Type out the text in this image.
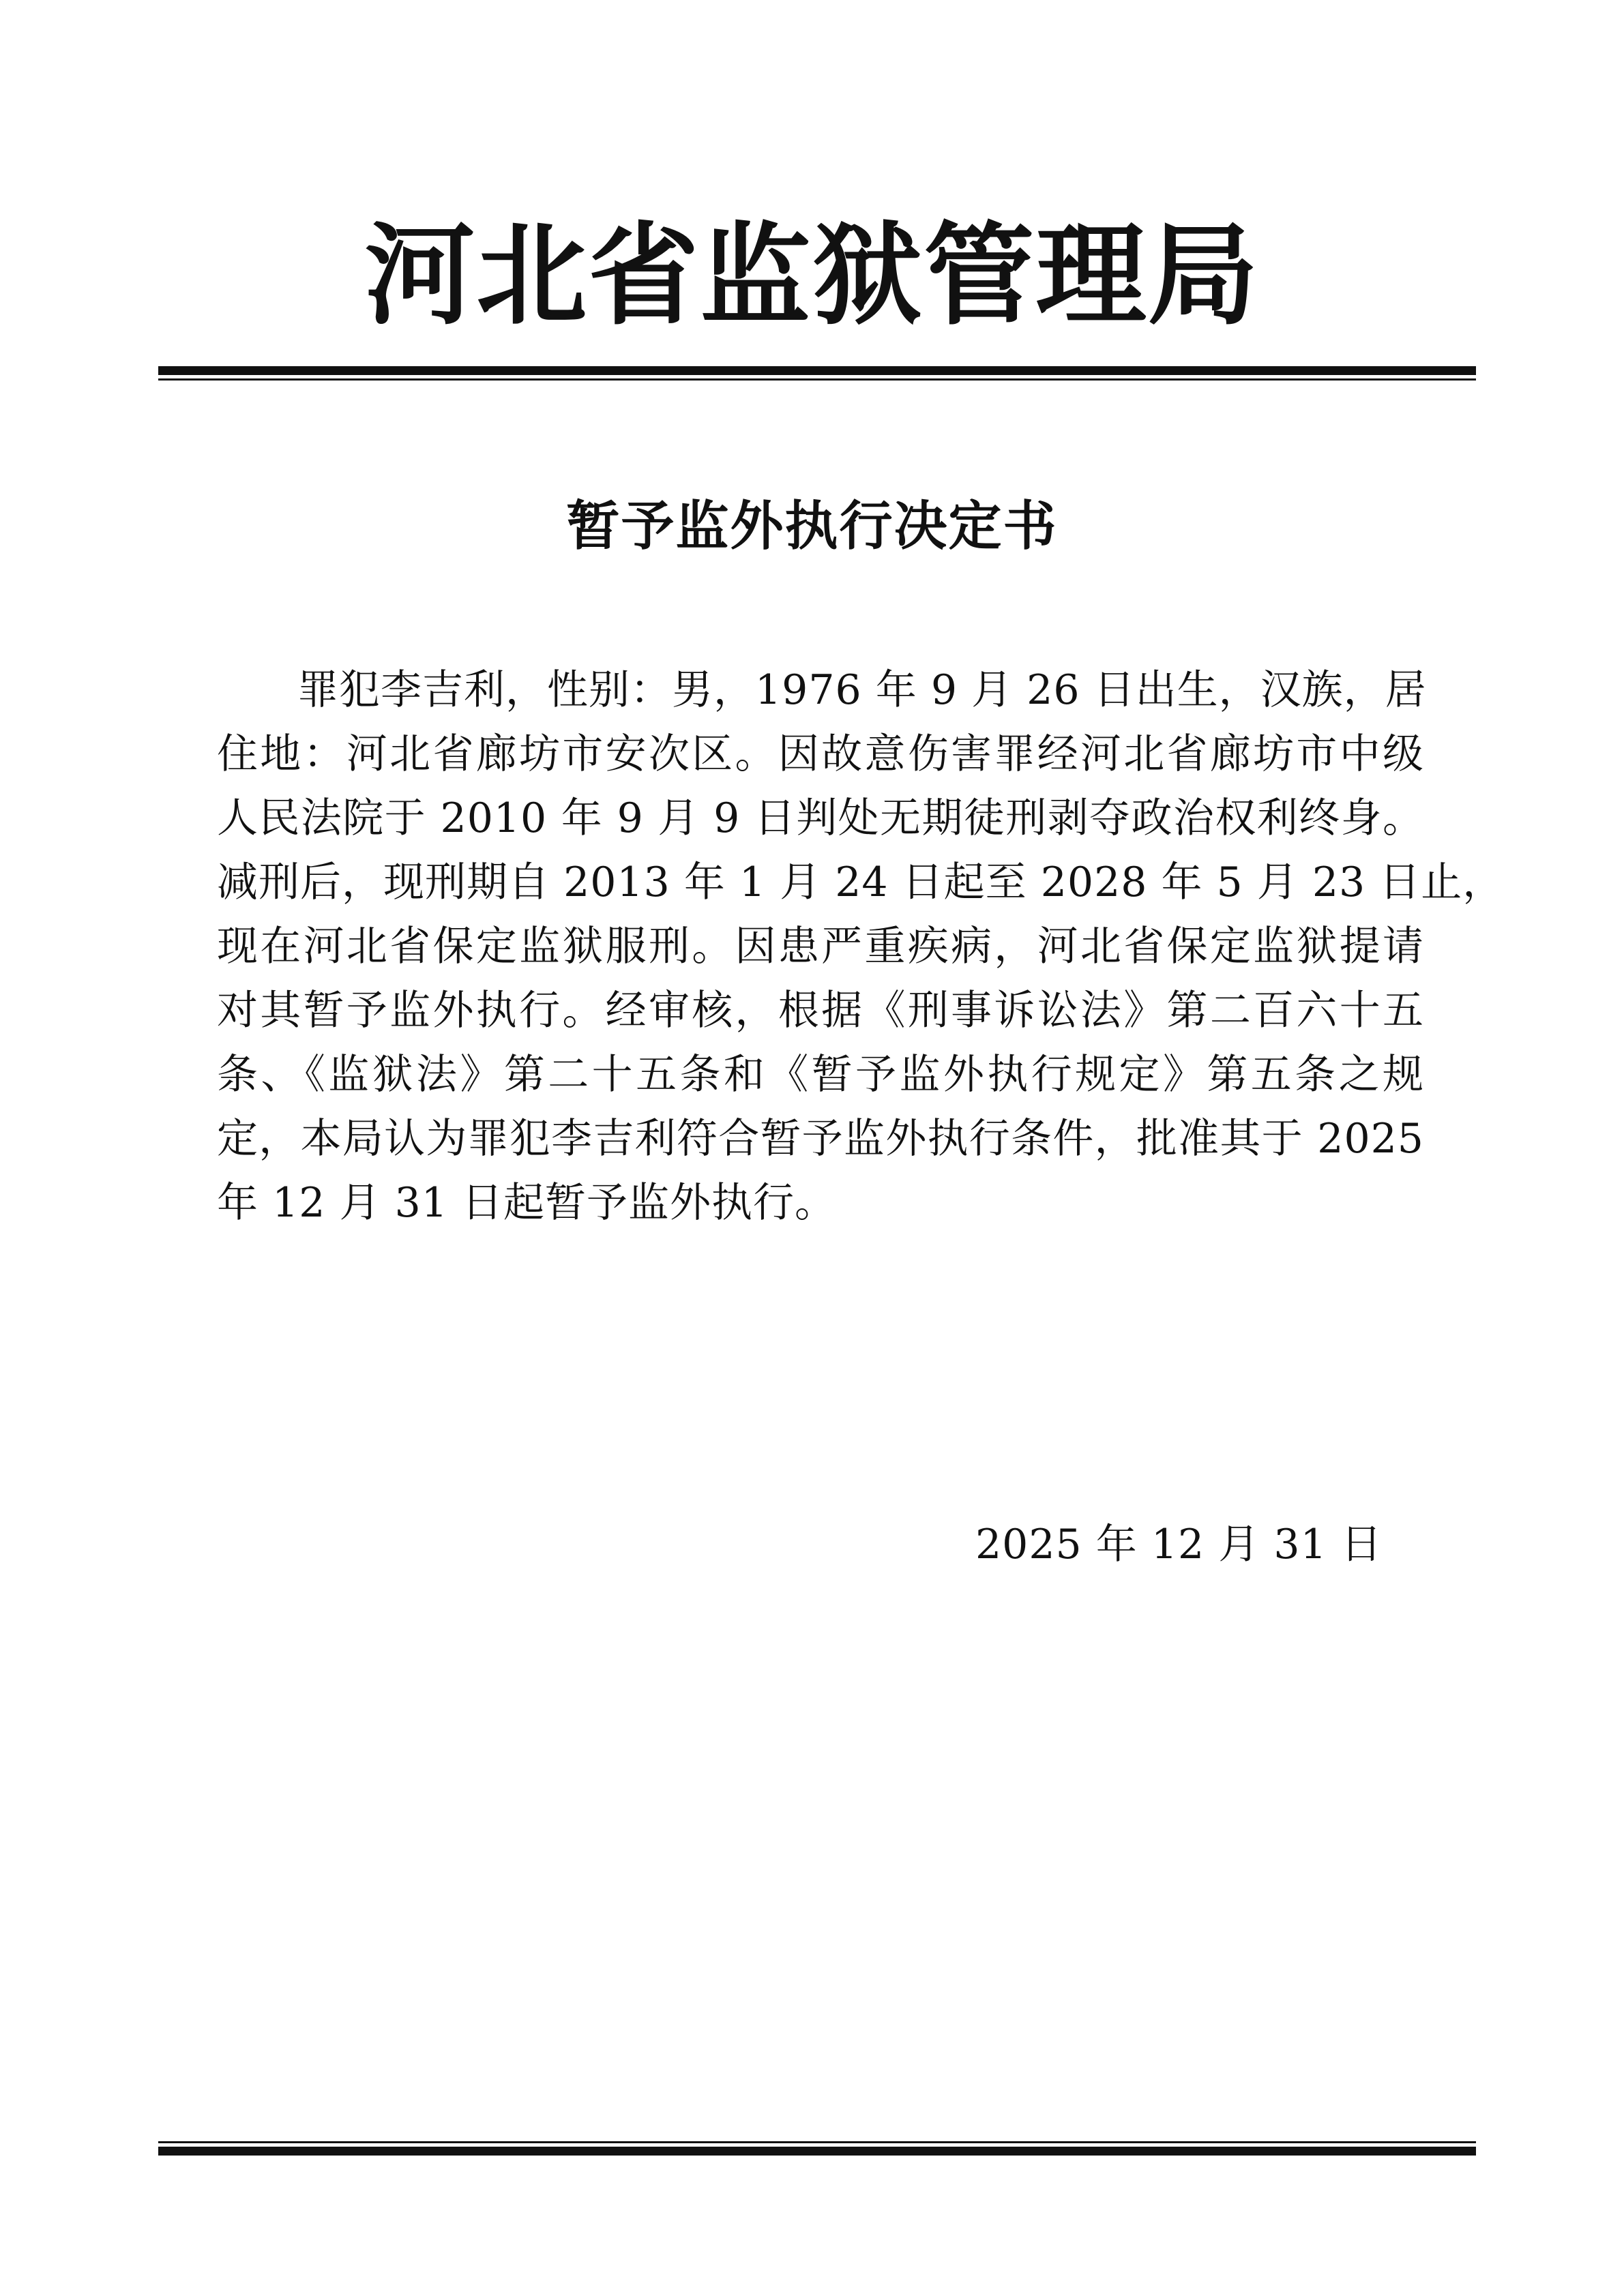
河北省监狱管理局
暂予监外执行决定书
罪犯李吉利，性别：男，1976 年 9 月 26 日出生，汉族，居
住地：河北省廊坊市安次区。因故意伤害罪经河北省廊坊市中级
人民法院于 2010 年 9 月 9 日判处无期徒刑剥夺政治权利终身。
减刑后，现刑期自 2013 年 1 月 24 日起至 2028 年 5 月 23 日止，
现在河北省保定监狱服刑。因患严重疾病，河北省保定监狱提请
对其暂予监外执行。经审核，根据《刑事诉讼法》第二百六十五
条、《监狱法》第二十五条和《暂予监外执行规定》第五条之规
定，本局认为罪犯李吉利符合暂予监外执行条件，批准其于 2025
年 12 月 31 日起暂予监外执行。
2025 年 12 月 31 日
